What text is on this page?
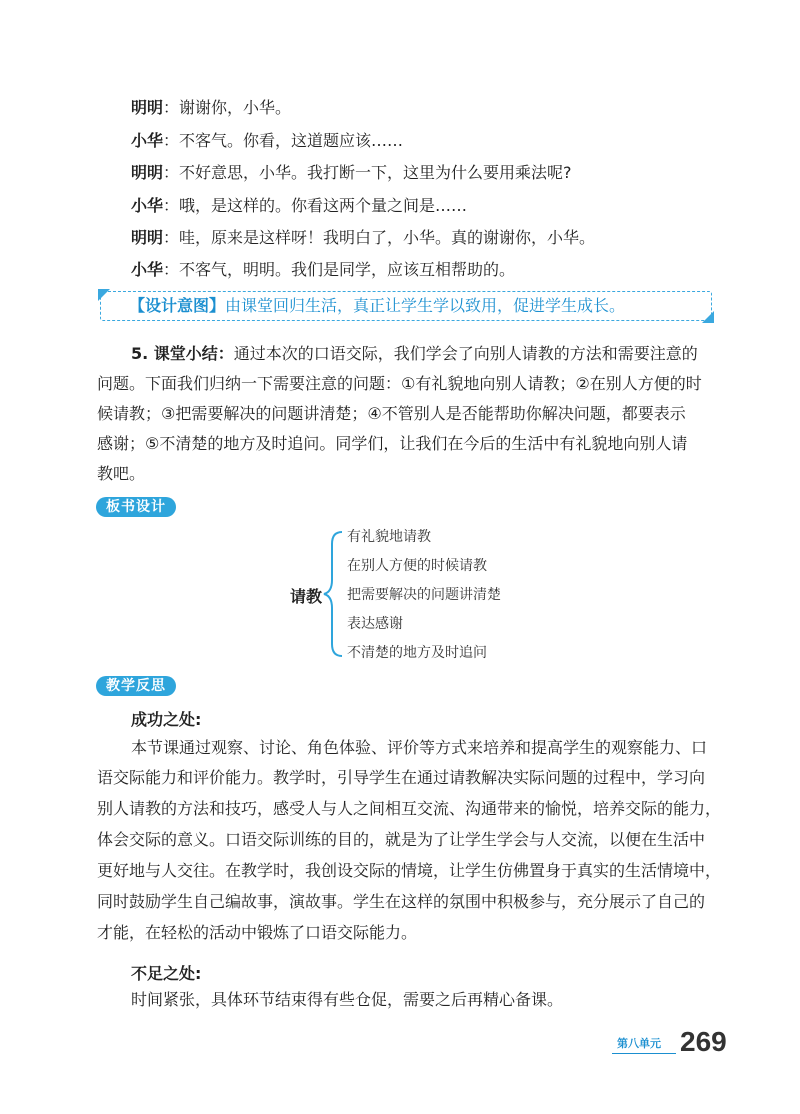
明明：谢谢你，小华。
小华：不客气。你看，这道题应该……
明明：不好意思，小华。我打断一下，这里为什么要用乘法呢?
小华：哦，是这样的。你看这两个量之间是……
明明：哇，原来是这样呀！我明白了，小华。真的谢谢你，小华。
小华：不客气，明明。我们是同学，应该互相帮助的。
【设计意图】由课堂回归生活，真正让学生学以致用，促进学生成长。
5. 课堂小结：通过本次的口语交际，我们学会了向别人请教的方法和需要注意的
问题。下面我们归纳一下需要注意的问题：①有礼貌地向别人请教；②在别人方便的时
候请教；③把需要解决的问题讲清楚；④不管别人是否能帮助你解决问题，都要表示
感谢；⑤不清楚的地方及时追问。同学们，让我们在今后的生活中有礼貌地向别人请
教吧。
板书设计
请教
有礼貌地请教
在别人方便的时候请教
把需要解决的问题讲清楚
表达感谢
不清楚的地方及时追问
教学反思
成功之处:
本节课通过观察、讨论、角色体验、评价等方式来培养和提高学生的观察能力、口
语交际能力和评价能力。教学时，引导学生在通过请教解决实际问题的过程中，学习向
别人请教的方法和技巧，感受人与人之间相互交流、沟通带来的愉悦，培养交际的能力，
体会交际的意义。口语交际训练的目的，就是为了让学生学会与人交流，以便在生活中
更好地与人交往。在教学时，我创设交际的情境，让学生仿佛置身于真实的生活情境中，
同时鼓励学生自己编故事，演故事。学生在这样的氛围中积极参与，充分展示了自己的
才能，在轻松的活动中锻炼了口语交际能力。
不足之处:
时间紧张，具体环节结束得有些仓促，需要之后再精心备课。
第八单元 269
